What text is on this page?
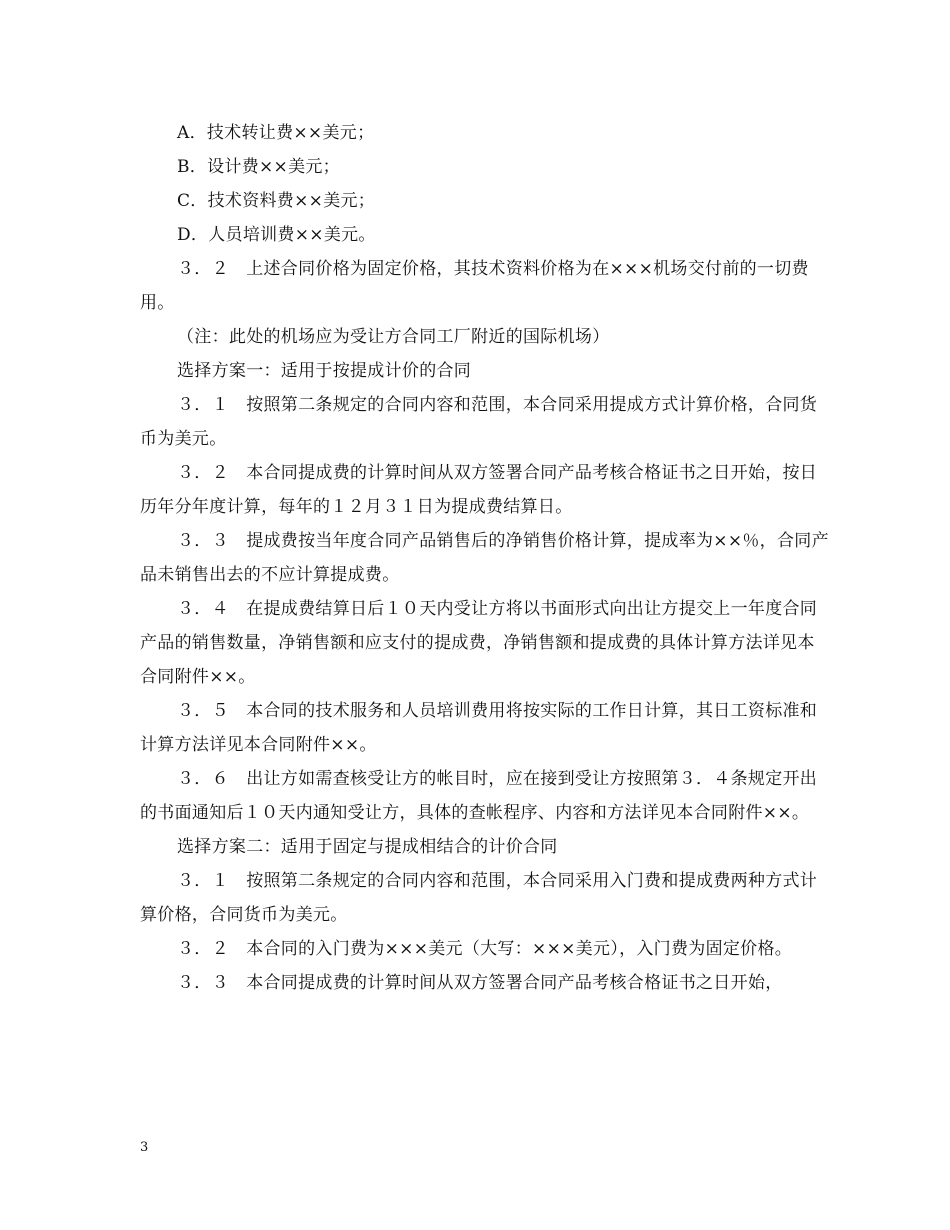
A．技术转让费××美元；

B．设计费××美元；

C．技术资料费××美元；

D．人员培训费××美元。

３．２　上述合同价格为固定价格，其技术资料价格为在×××机场交付前的一切费用。

（注：此处的机场应为受让方合同工厂附近的国际机场）

选择方案一：适用于按提成计价的合同

３．１　按照第二条规定的合同内容和范围，本合同采用提成方式计算价格，合同货币为美元。

３．２　本合同提成费的计算时间从双方签署合同产品考核合格证书之日开始，按日历年分年度计算，每年的１２月３１日为提成费结算日。

３．３　提成费按当年度合同产品销售后的净销售价格计算，提成率为××％，合同产品未销售出去的不应计算提成费。

３．４　在提成费结算日后１０天内受让方将以书面形式向出让方提交上一年度合同产品的销售数量，净销售额和应支付的提成费，净销售额和提成费的具体计算方法详见本合同附件××。

３．５　本合同的技术服务和人员培训费用将按实际的工作日计算，其日工资标准和计算方法详见本合同附件××。

３．６　出让方如需查核受让方的帐目时，应在接到受让方按照第３．４条规定开出的书面通知后１０天内通知受让方，具体的查帐程序、内容和方法详见本合同附件××。

选择方案二：适用于固定与提成相结合的计价合同

３．１　按照第二条规定的合同内容和范围，本合同采用入门费和提成费两种方式计算价格，合同货币为美元。

３．２　本合同的入门费为×××美元（大写：×××美元），入门费为固定价格。

３．３　本合同提成费的计算时间从双方签署合同产品考核合格证书之日开始，

3
